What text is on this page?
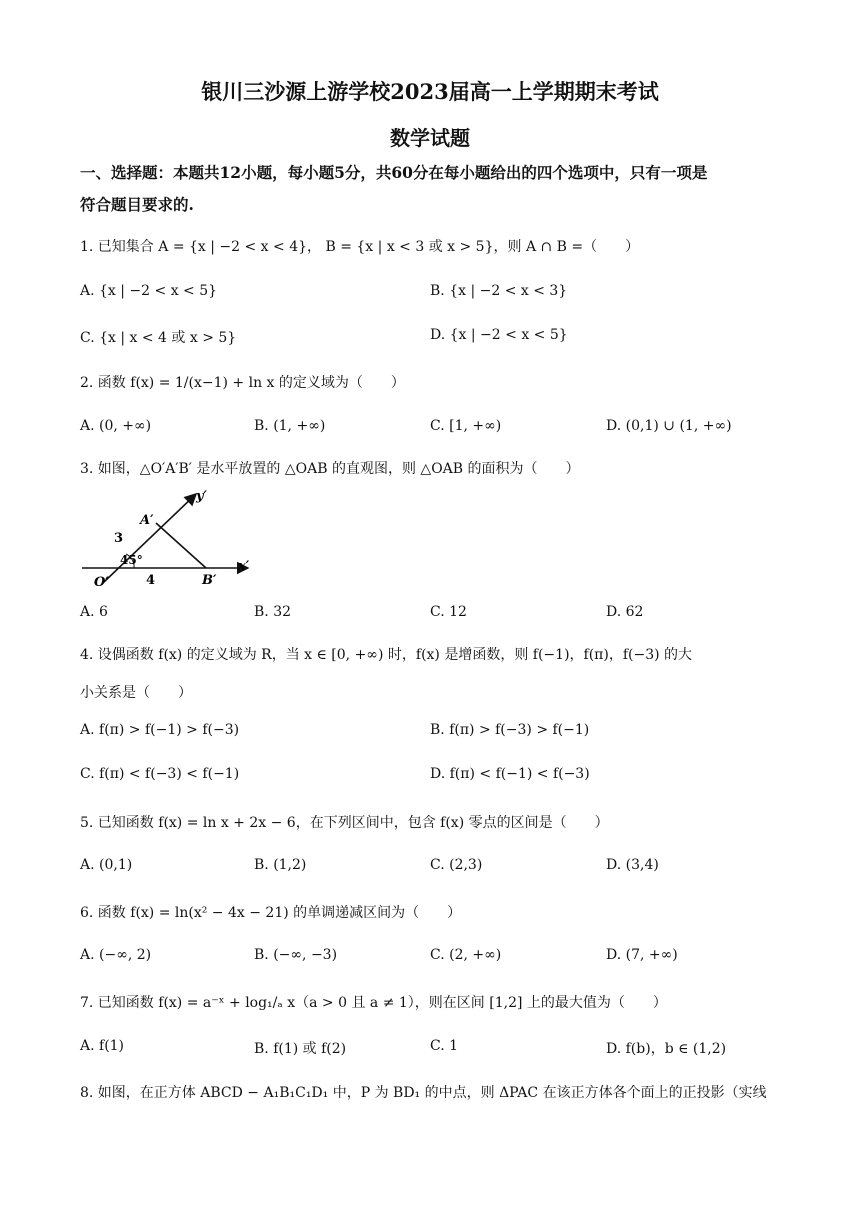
银川三沙源上游学校2023届高一上学期期末考试
数学试题
一、选择题：本题共12小题，每小题5分，共60分在每小题给出的四个选项中，只有一项是
符合题目要求的.
1. 已知集合 A = {x | −2 < x < 4}， B = {x | x < 3 或 x > 5}，则 A ∩ B =（　　）
A. {x | −2 < x < 5}	B. {x | −2 < x < 3}
C. {x | x < 4 或 x > 5}	D. {x | −2 < x < 5}
2. 函数 f(x) = 1/(x−1) + ln x 的定义域为（　　）
A. (0, +∞)	B. (1, +∞)	C. [1, +∞)	D. (0,1) ∪ (1, +∞)
3. 如图，△O′A′B′ 是水平放置的 △OAB 的直观图，则 △OAB 的面积为（　　）
y′
x′
A′
B′
O′
3
4
45°
A. 6	B. 32	C. 12	D. 62
4. 设偶函数 f(x) 的定义域为 R，当 x ∈ [0, +∞) 时，f(x) 是增函数，则 f(−1)，f(π)，f(−3) 的大
小关系是（　　）
A. f(π) > f(−1) > f(−3)	B. f(π) > f(−3) > f(−1)
C. f(π) < f(−3) < f(−1)	D. f(π) < f(−1) < f(−3)
5. 已知函数 f(x) = ln x + 2x − 6，在下列区间中，包含 f(x) 零点的区间是（　　）
A. (0,1)	B. (1,2)	C. (2,3)	D. (3,4)
6. 函数 f(x) = ln(x² − 4x − 21) 的单调递减区间为（　　）
A. (−∞, 2)	B. (−∞, −3)	C. (2, +∞)	D. (7, +∞)
7. 已知函数 f(x) = a⁻ˣ + log₁/ₐ x（a > 0 且 a ≠ 1），则在区间 [1,2] 上的最大值为（　　）
A. f(1)	B. f(1) 或 f(2)	C. 1	D. f(b)，b ∈ (1,2)
8. 如图，在正方体 ABCD − A₁B₁C₁D₁ 中，P 为 BD₁ 的中点，则 ΔPAC 在该正方体各个面上的正投影（实线
